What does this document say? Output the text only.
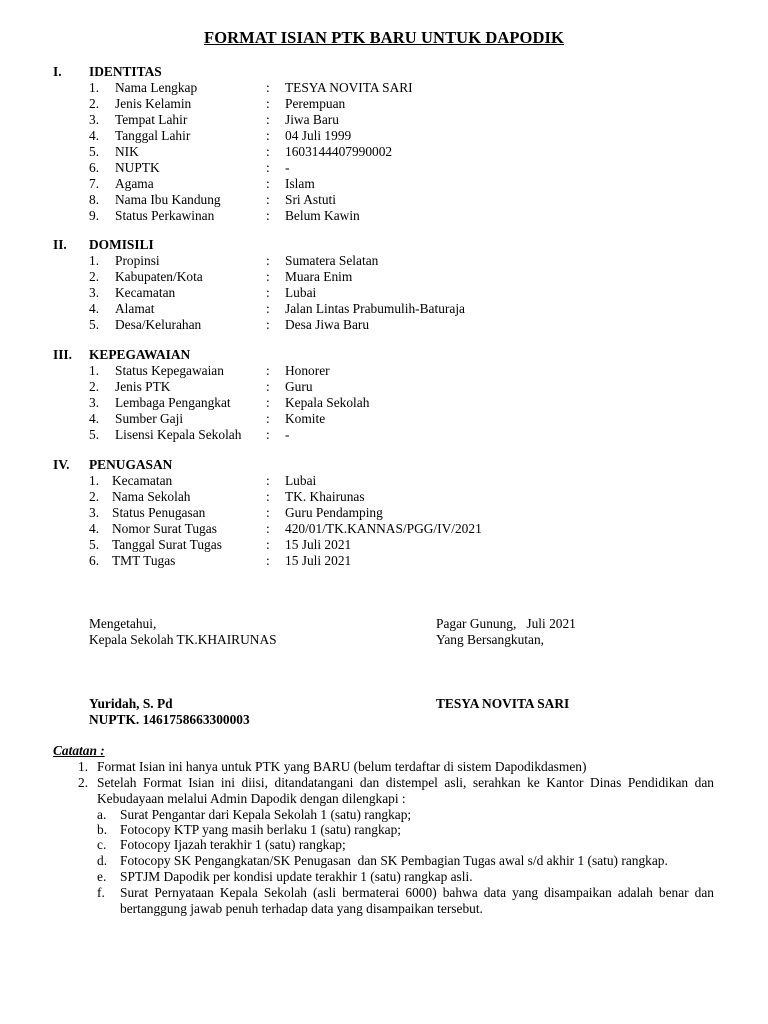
FORMAT ISIAN PTK BARU UNTUK DAPODIK
I. IDENTITAS
1. Nama Lengkap	: TESYA NOVITA SARI
2. Jenis Kelamin	: Perempuan
3. Tempat Lahir	: Jiwa Baru
4. Tanggal Lahir	: 04 Juli 1999
5. NIK	: 1603144407990002
6. NUPTK	: -
7. Agama	: Islam
8. Nama Ibu Kandung	: Sri Astuti
9. Status Perkawinan	: Belum Kawin
II. DOMISILI
1. Propinsi	: Sumatera Selatan
2. Kabupaten/Kota	: Muara Enim
3. Kecamatan	: Lubai
4. Alamat	: Jalan Lintas Prabumulih-Baturaja
5. Desa/Kelurahan	: Desa Jiwa Baru
III. KEPEGAWAIAN
1. Status Kepegawaian	: Honorer
2. Jenis PTK	: Guru
3. Lembaga Pengangkat	: Kepala Sekolah
4. Sumber Gaji	: Komite
5. Lisensi Kepala Sekolah : -
IV. PENUGASAN
1. Kecamatan	: Lubai
2. Nama Sekolah	: TK. Khairunas
3. Status Penugasan	: Guru Pendamping
4. Nomor Surat Tugas	: 420/01/TK.KANNAS/PGG/IV/2021
5. Tanggal Surat Tugas	: 15 Juli 2021
6. TMT Tugas	: 15 Juli 2021
Mengetahui,
Kepala Sekolah TK.KHAIRUNAS
Yuridah, S. Pd
NUPTK. 1461758663300003
Pagar Gunung,   Juli 2021
Yang Bersangkutan,
TESYA NOVITA SARI
Catatan :
1. Format Isian ini hanya untuk PTK yang BARU (belum terdaftar di sistem Dapodikdasmen)
2. Setelah Format Isian ini diisi, ditandatangani dan distempel asli, serahkan ke Kantor Dinas Pendidikan dan
Kebudayaan melalui Admin Dapodik dengan dilengkapi :
a. Surat Pengantar dari Kepala Sekolah 1 (satu) rangkap;
b. Fotocopy KTP yang masih berlaku 1 (satu) rangkap;
c. Fotocopy Ijazah terakhir 1 (satu) rangkap;
d. Fotocopy SK Pengangkatan/SK Penugasan  dan SK Pembagian Tugas awal s/d akhir 1 (satu) rangkap.
e. SPTJM Dapodik per kondisi update terakhir 1 (satu) rangkap asli.
f. Surat Pernyataan Kepala Sekolah (asli bermaterai 6000) bahwa data yang disampaikan adalah benar dan
bertanggung jawab penuh terhadap data yang disampaikan tersebut.
